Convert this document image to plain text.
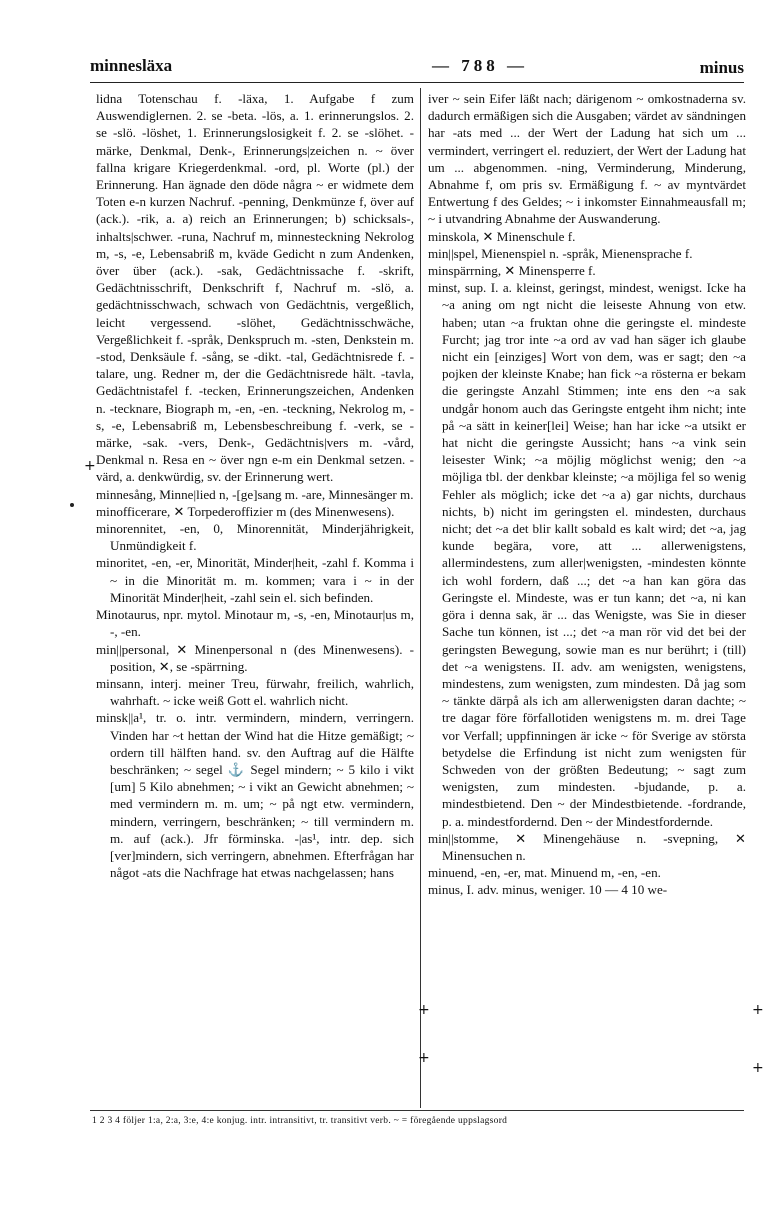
minnesläxa	— 788 —	minus

lidna Totenschau f. -läxa, 1. Aufgabe f zum Auswendiglernen. 2. se -beta. -lös, a. 1. erinnerungslos. 2. se -slö. -löshet, 1. Erinnerungslosigkeit f. 2. se -slöhet. -märke, Denkmal, Denk-, Erinnerungs|zeichen n. ~ över fallna krigare Kriegerdenkmal. -ord, pl. Worte (pl.) der Erinnerung. Han ägnade den döde några ~ er widmete dem Toten e-n kurzen Nachruf. -penning, Denkmünze f, över auf (ack.). -rik, a. a) reich an Erinnerungen; b) schicksals-, inhalts|schwer. -runa, Nachruf m, minnesteckning Nekrolog m, -s, -e, Lebensabriß m, kväde Gedicht n zum Andenken, över über (ack.). -sak, Gedächtnissache f. -skrift, Gedächtnisschrift, Denkschrift f, Nachruf m. -slö, a. gedächtnisschwach, schwach von Gedächtnis, vergeßlich, leicht vergessend. -slöhet, Gedächtnisschwäche, Vergeßlichkeit f. -språk, Denkspruch m. -sten, Denkstein m. -stod, Denksäule f. -sång, se -dikt. -tal, Gedächtnisrede f. -talare, ung. Redner m, der die Gedächtnisrede hält. -tavla, Gedächtnistafel f. -tecken, Erinnerungszeichen, Andenken n. -tecknare, Biograph m, -en, -en. -teckning, Nekrolog m, -s, -e, Lebensabriß m, Lebensbeschreibung f. -verk, se -märke, -sak. -vers, Denk-, Gedächtnis|vers m. -vård, Denkmal n. Resa en ~ över ngn e-m ein Denkmal setzen. -värd, a. denkwürdig, sv. der Erinnerung wert.

minnesång, Minne|lied n, -[ge]sang m. -are, Minnesänger m.

minofficerare, ✕ Torpederoffizier m (des Minenwesens).

minorennitet, -en, 0, Minorennität, Minderjährigkeit, Unmündigkeit f.

minoritet, -en, -er, Minorität, Minder|heit, -zahl f. Komma i ~ in die Minorität m. m. kommen; vara i ~ in der Minorität Minder|heit, -zahl sein el. sich befinden.

Minotaurus, npr. mytol. Minotaur m, -s, -en, Minotaur|us m, -, -en.

min||personal, ✕ Minenpersonal n (des Minenwesens). -position, ✕, se -spärrning.

minsann, interj. meiner Treu, fürwahr, freilich, wahrlich, wahrhaft. ~ icke weiß Gott el. wahrlich nicht.

minsk||a¹, tr. o. intr. vermindern, mindern, verringern. Vinden har ~t hettan der Wind hat die Hitze gemäßigt; ~ ordern till hälften hand. sv. den Auftrag auf die Hälfte beschränken; ~ segel ⚓ Segel mindern; ~ 5 kilo i vikt [um] 5 Kilo abnehmen; ~ i vikt an Gewicht abnehmen; ~ med vermindern m. m. um; ~ på ngt etw. vermindern, mindern, verringern, beschränken; ~ till vermindern m. m. auf (ack.). Jfr förminska. -|as¹, intr. dep. sich [ver]mindern, sich verringern, abnehmen. Efterfrågan har något -ats die Nachfrage hat etwas nachgelassen; hans

iver ~ sein Eifer läßt nach; därigenom ~ omkostnaderna sv. dadurch ermäßigen sich die Ausgaben; värdet av sändningen har -ats med ... der Wert der Ladung hat sich um ... vermindert, verringert el. reduziert, der Wert der Ladung hat um ... abgenommen. -ning, Verminderung, Minderung, Abnahme f, om pris sv. Ermäßigung f. ~ av myntvärdet Entwertung f des Geldes; ~ i inkomster Einnahmeausfall m; ~ i utvandring Abnahme der Auswanderung.

minskola, ✕ Minenschule f.

min||spel, Mienenspiel n. -språk, Mienensprache f.

minspärrning, ✕ Minensperre f.

minst, sup. I. a. kleinst, geringst, mindest, wenigst. Icke ha ~a aning om ngt nicht die leiseste Ahnung von etw. haben; utan ~a fruktan ohne die geringste el. mindeste Furcht; jag tror inte ~a ord av vad han säger ich glaube nicht ein [einziges] Wort von dem, was er sagt; den ~a pojken der kleinste Knabe; han fick ~a rösterna er bekam die geringste Anzahl Stimmen; inte ens den ~a sak undgår honom auch das Geringste entgeht ihm nicht; inte på ~a sätt in keiner[lei] Weise; han har icke ~a utsikt er hat nicht die geringste Aussicht; hans ~a vink sein leisester Wink; ~a möjlig möglichst wenig; den ~a möjliga tbl. der denkbar kleinste; ~a möjliga fel so wenig Fehler als möglich; icke det ~a a) gar nichts, durchaus nichts, b) nicht im geringsten el. mindesten, durchaus nicht; det ~a det blir kallt sobald es kalt wird; det ~a, jag kunde begära, vore, att ... allerwenigstens, allermindestens, zum aller|wenigsten, -mindesten könnte ich wohl fordern, daß ...; det ~a han kan göra das Geringste el. Mindeste, was er tun kann; det ~a, ni kan göra i denna sak, är ... das Wenigste, was Sie in dieser Sache tun können, ist ...; det ~a man rör vid det bei der geringsten Bewegung, sowie man es nur berührt; i (till) det ~a wenigstens. II. adv. am wenigsten, wenigstens, mindestens, zum wenigsten, zum mindesten. Då jag som ~ tänkte därpå als ich am allerwenigsten daran dachte; ~ tre dagar före förfallotiden wenigstens m. m. drei Tage vor Verfall; uppfinningen är icke ~ för Sverige av största betydelse die Erfindung ist nicht zum wenigsten für Schweden von der größten Bedeutung; ~ sagt zum wenigsten, zum mindesten. -bjudande, p. a. mindestbietend. Den ~ der Mindestbietende. -fordrande, p. a. mindestfordernd. Den ~ der Mindestfordernde.

min||stomme, ✕ Minengehäuse n. -svepning, ✕ Minensuchen n.

minuend, -en, -er, mat. Minuend m, -en, -en.

minus, I. adv. minus, weniger. 10 — 4 10 we-

+
+	+
+
+
1 2 3 4 följer 1:a, 2:a, 3:e, 4:e konjug. intr. intransitivt, tr. transitivt verb. ~ = föregående uppslagsord
